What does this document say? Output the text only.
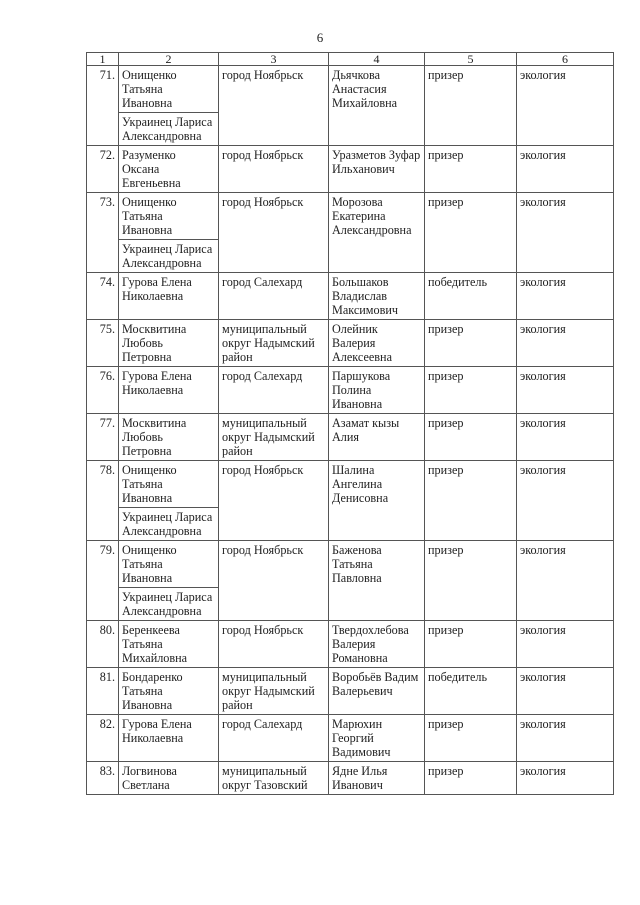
6
1	2	3	4	5	6
71.	Онищенко Татьяна Ивановна	город Ноябрьск	Дьячкова Анастасия Михайловна	призер	экология
	Украинец Лариса Александровна				
72.	Разуменко Оксана Евгеньевна	город Ноябрьск	Уразметов Зуфар Ильханович	призер	экология
73.	Онищенко Татьяна Ивановна	город Ноябрьск	Морозова Екатерина Александровна	призер	экология
	Украинец Лариса Александровна				
74.	Гурова Елена Николаевна	город Салехард	Большаков Владислав Максимович	победитель	экология
75.	Москвитина Любовь Петровна	муниципальный округ Надымский район	Олейник Валерия Алексеевна	призер	экология
76.	Гурова Елена Николаевна	город Салехард	Паршукова Полина Ивановна	призер	экология
77.	Москвитина Любовь Петровна	муниципальный округ Надымский район	Азамат кызы Алия	призер	экология
78.	Онищенко Татьяна Ивановна	город Ноябрьск	Шалина Ангелина Денисовна	призер	экология
	Украинец Лариса Александровна				
79.	Онищенко Татьяна Ивановна	город Ноябрьск	Баженова Татьяна Павловна	призер	экология
	Украинец Лариса Александровна				
80.	Беренкеева Татьяна Михайловна	город Ноябрьск	Твердохлебова Валерия Романовна	призер	экология
81.	Бондаренко Татьяна Ивановна	муниципальный округ Надымский район	Воробьёв Вадим Валерьевич	победитель	экология
82.	Гурова Елена Николаевна	город Салехард	Марюхин Георгий Вадимович	призер	экология
83.	Логвинова Светлана	муниципальный округ Тазовский	Ядне Илья Иванович	призер	экология
